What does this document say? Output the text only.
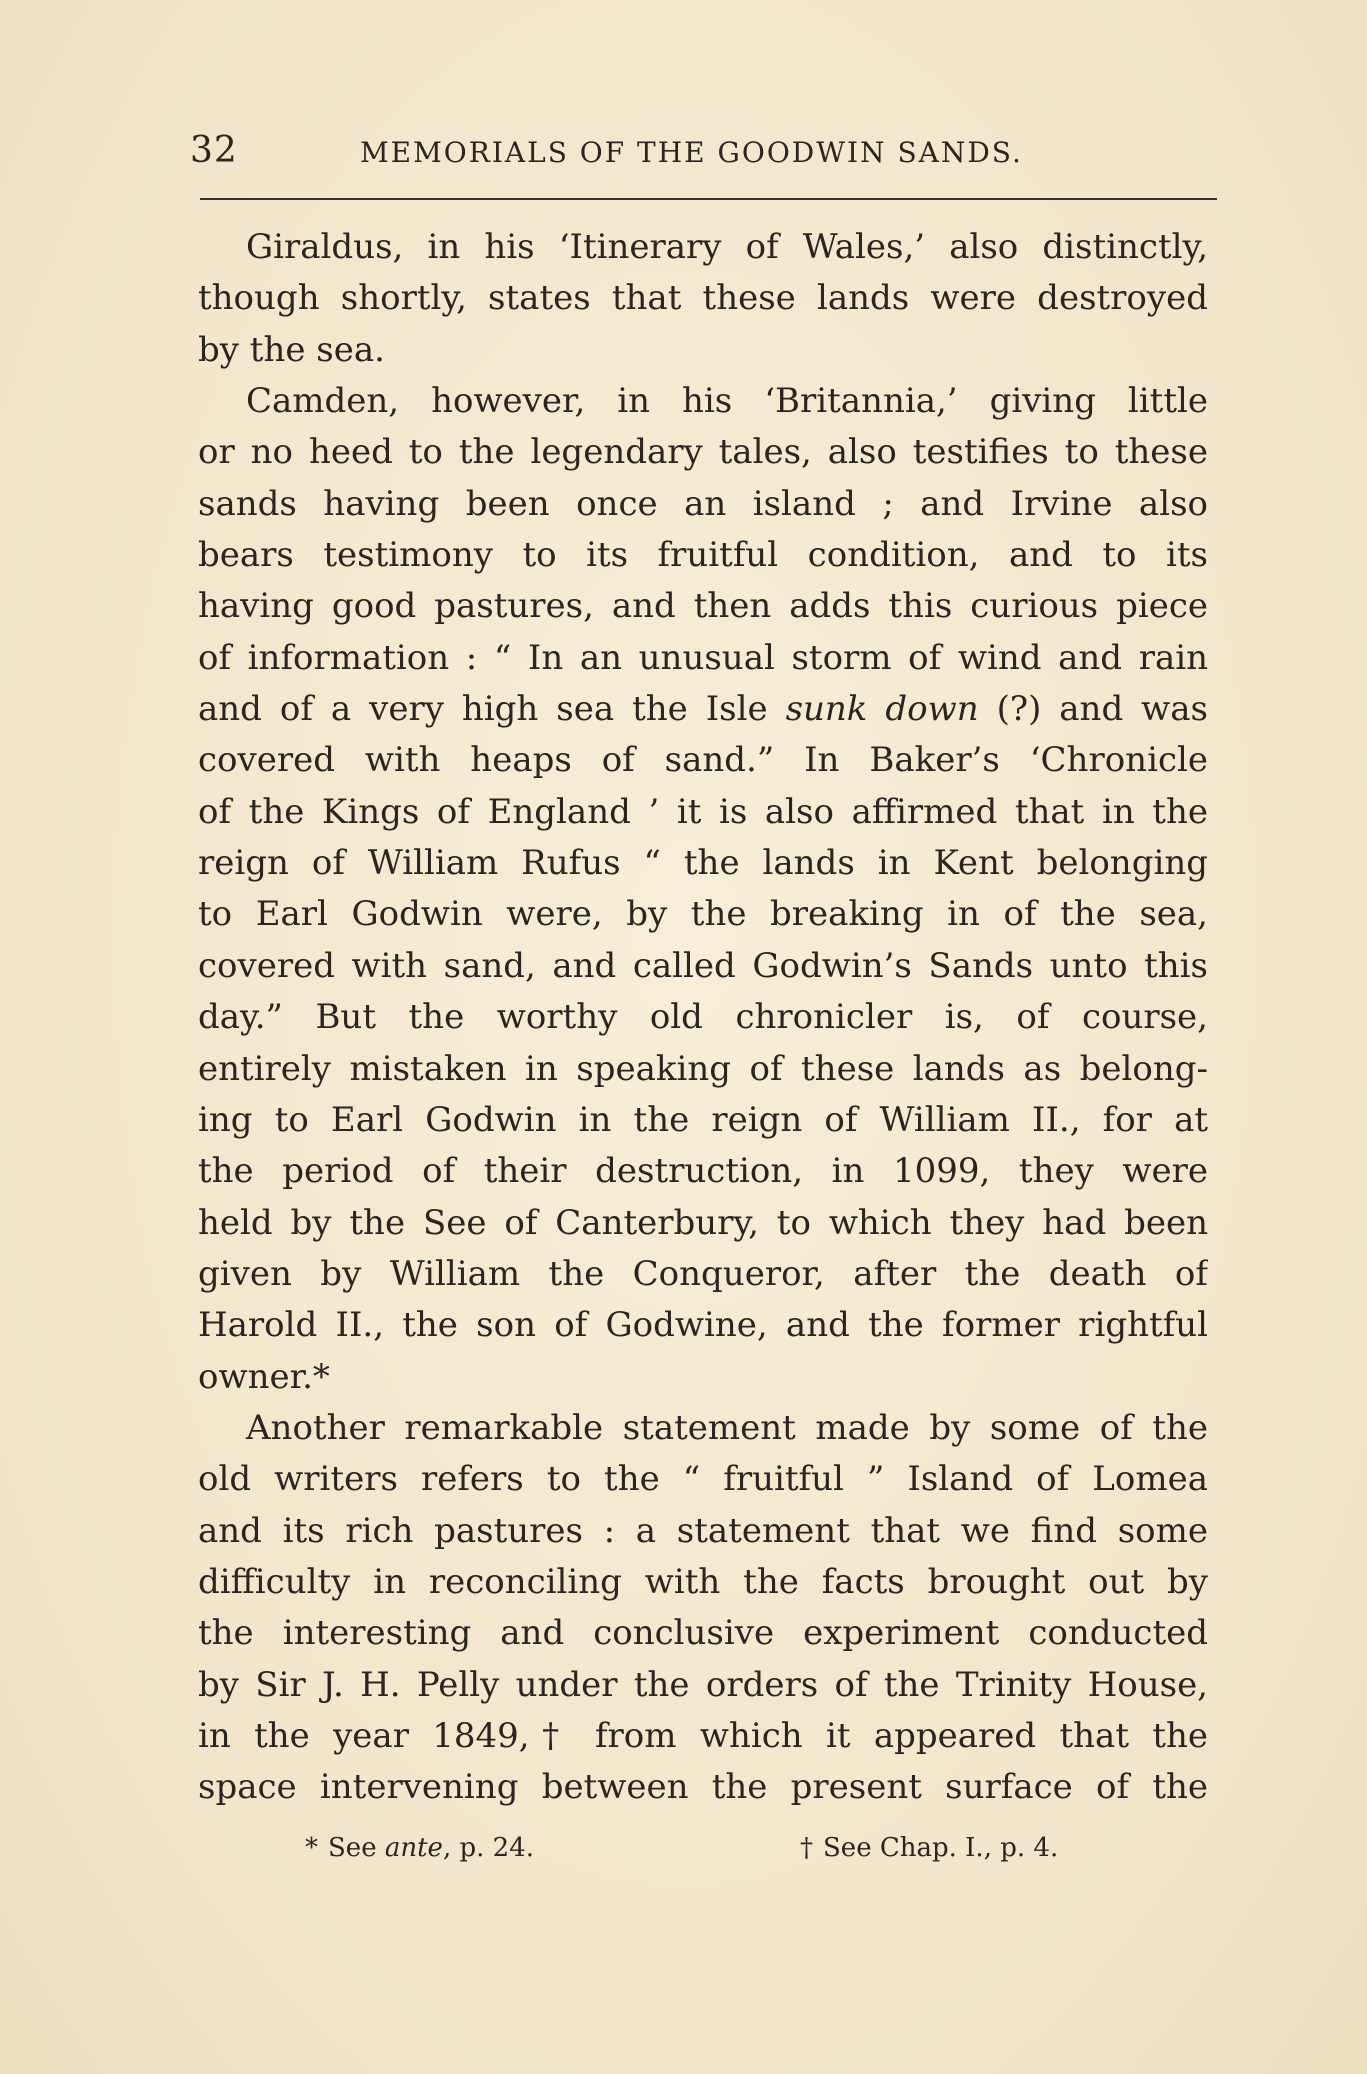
32	MEMORIALS OF THE GOODWIN SANDS.
Giraldus, in his ‘Itinerary of Wales,’ also distinctly,
though shortly, states that these lands were destroyed
by the sea.
Camden, however, in his ‘Britannia,’ giving little
or no heed to the legendary tales, also testifies to these
sands having been once an island ; and Irvine also
bears testimony to its fruitful condition, and to its
having good pastures, and then adds this curious piece
of information : “ In an unusual storm of wind and rain
and of a very high sea the Isle sunk down (?) and was
covered with heaps of sand.” In Baker’s ‘Chronicle
of the Kings of England ’ it is also affirmed that in the
reign of William Rufus “ the lands in Kent belonging
to Earl Godwin were, by the breaking in of the sea,
covered with sand, and called Godwin’s Sands unto this
day.” But the worthy old chronicler is, of course,
entirely mistaken in speaking of these lands as belong-
ing to Earl Godwin in the reign of William II., for at
the period of their destruction, in 1099, they were
held by the See of Canterbury, to which they had been
given by William the Conqueror, after the death of
Harold II., the son of Godwine, and the former rightful
owner.*
Another remarkable statement made by some of the
old writers refers to the “ fruitful ” Island of Lomea
and its rich pastures : a statement that we find some
difficulty in reconciling with the facts brought out by
the interesting and conclusive experiment conducted
by Sir J. H. Pelly under the orders of the Trinity House,
in the year 1849,† from which it appeared that the
space intervening between the present surface of the
* See ante, p. 24.	† See Chap. I., p. 4.
